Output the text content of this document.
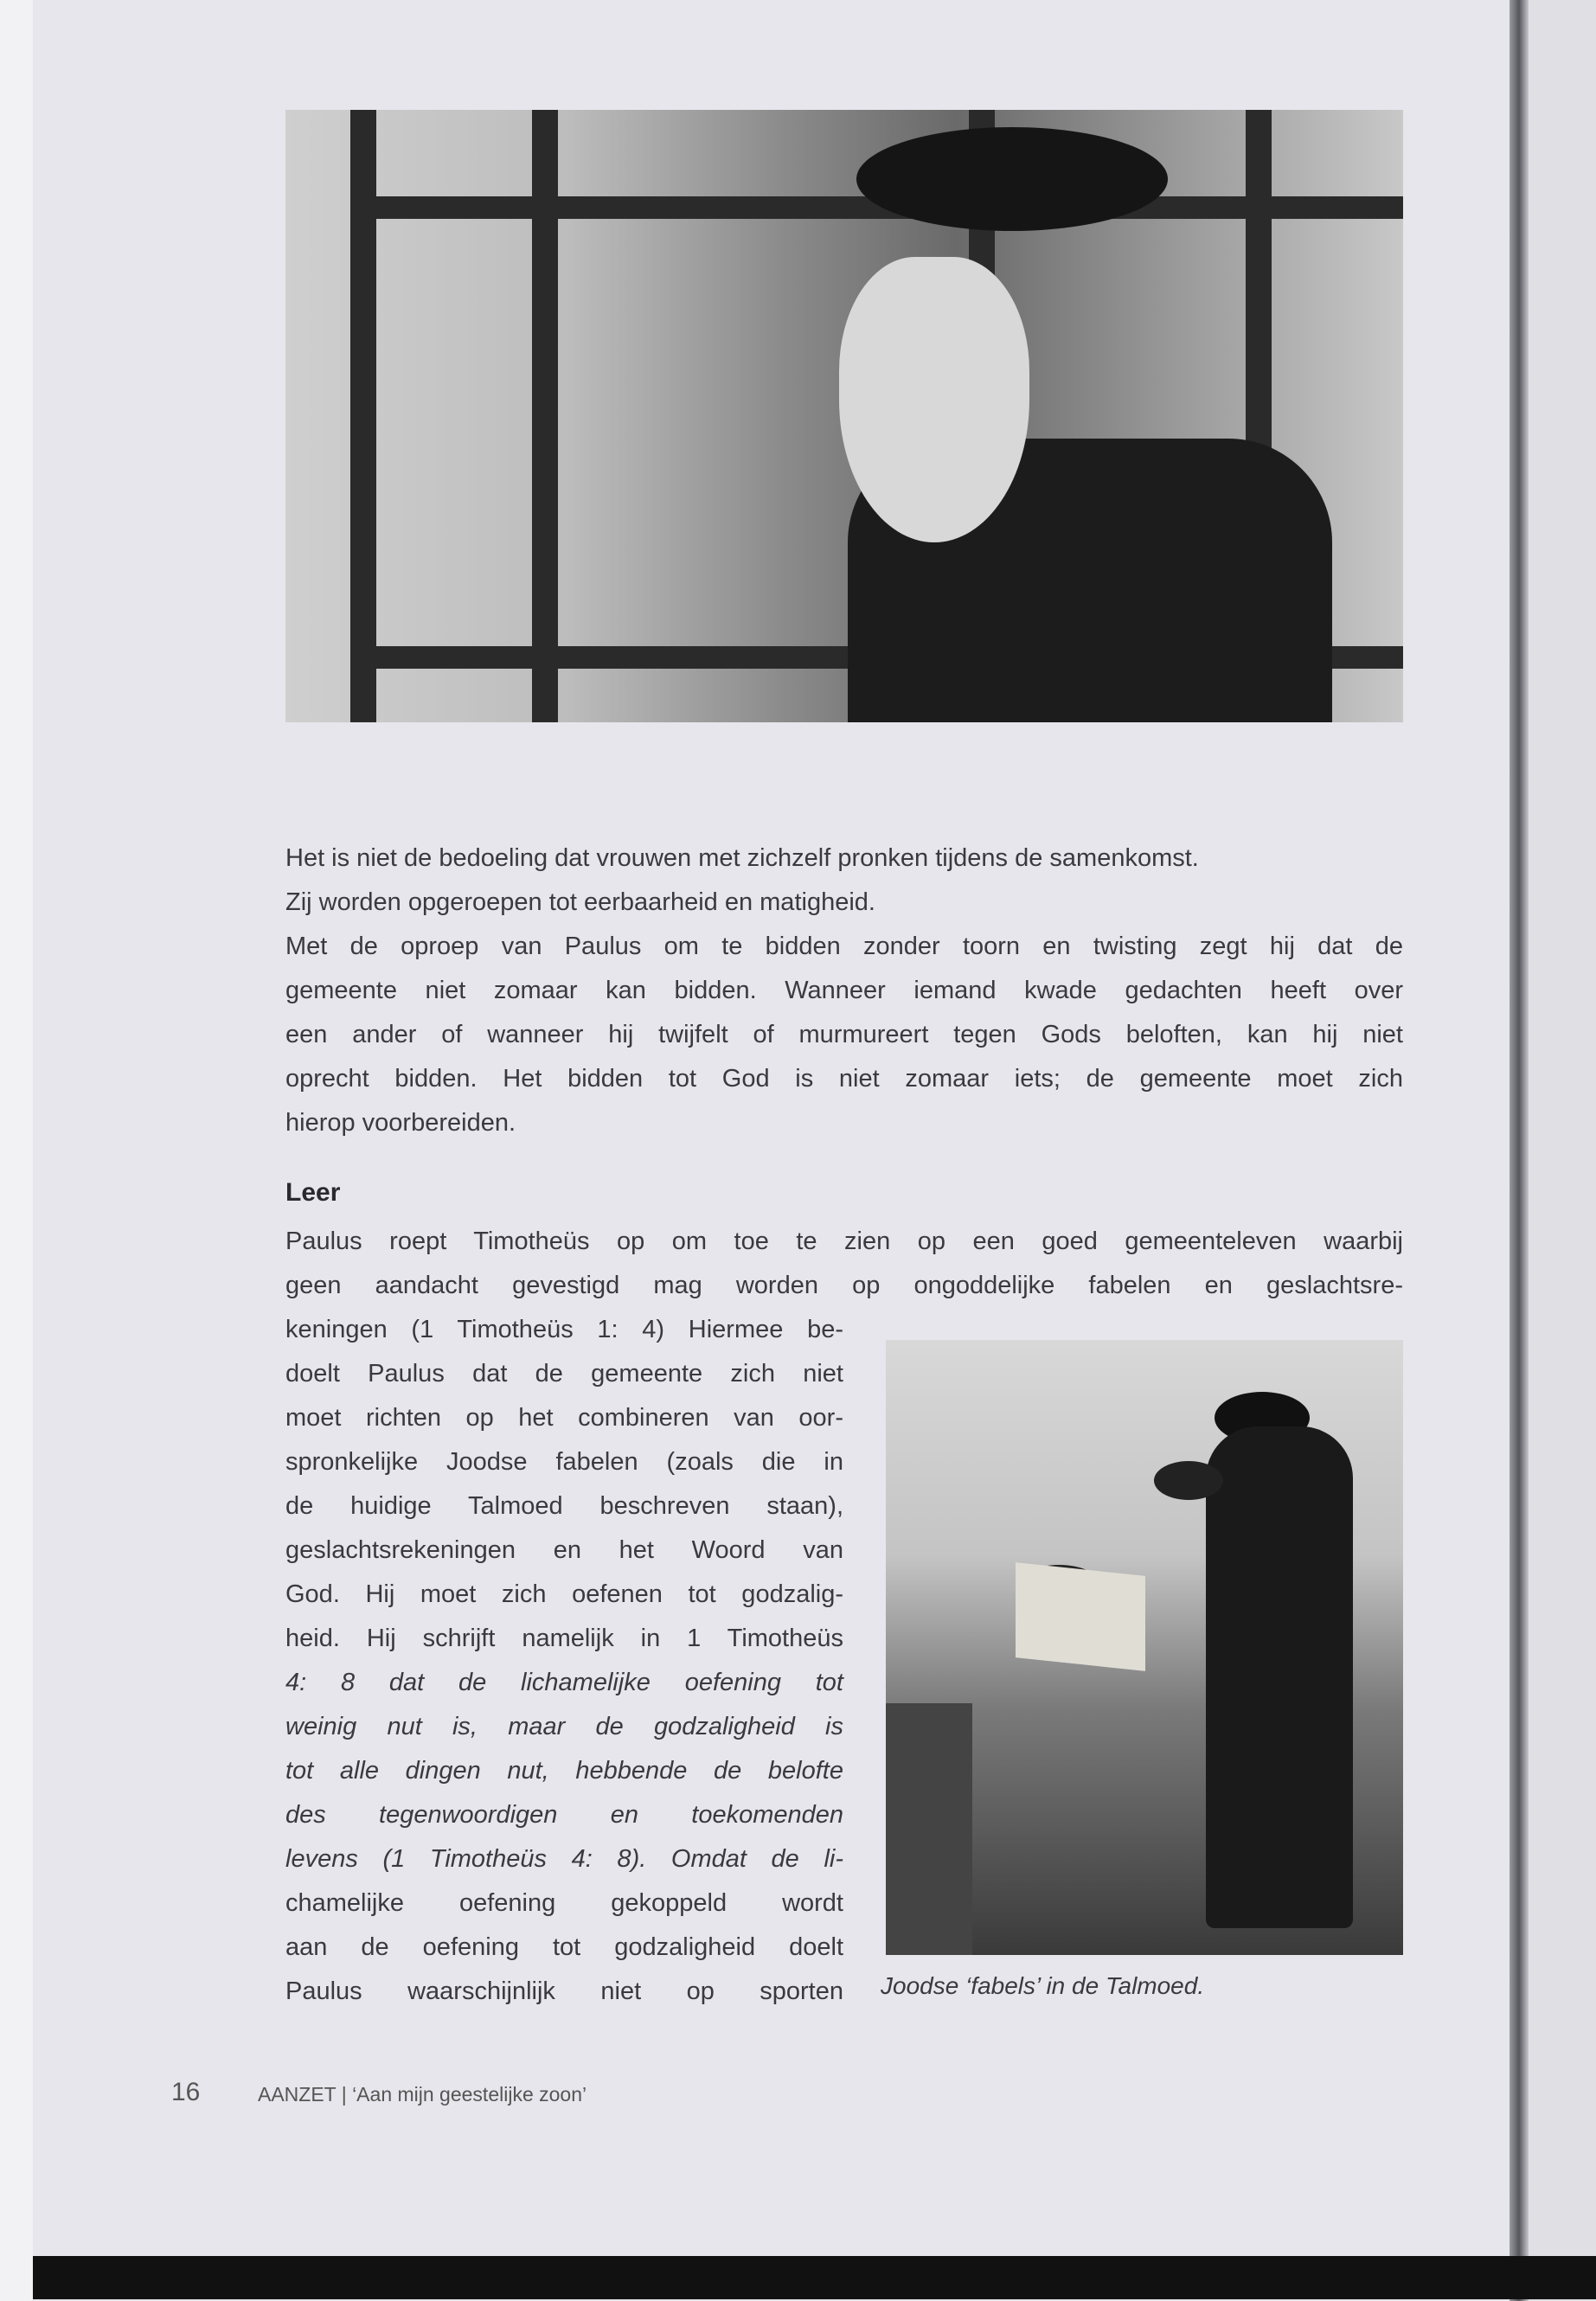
Het is niet de bedoeling dat vrouwen met zichzelf pronken tijdens de samenkomst.
Zij worden opgeroepen tot eerbaarheid en matigheid.
Met de oproep van Paulus om te bidden zonder toorn en twisting zegt hij dat de
gemeente niet zomaar kan bidden. Wanneer iemand kwade gedachten heeft over
een ander of wanneer hij twijfelt of murmureert tegen Gods beloften, kan hij niet
oprecht bidden. Het bidden tot God is niet zomaar iets; de gemeente moet zich
hierop voorbereiden.
Leer
Paulus roept Timotheüs op om toe te zien op een goed gemeenteleven waarbij
geen aandacht gevestigd mag worden op ongoddelijke fabelen en geslachtsre-
keningen (1 Timotheüs 1: 4) Hiermee be-
doelt Paulus dat de gemeente zich niet
moet richten op het combineren van oor-
spronkelijke Joodse fabelen (zoals die in
de huidige Talmoed beschreven staan),
geslachtsrekeningen en het Woord van
God. Hij moet zich oefenen tot godzalig-
heid. Hij schrijft namelijk in 1 Timotheüs
4: 8 dat de lichamelijke oefening tot
weinig nut is, maar de godzaligheid is
tot alle dingen nut, hebbende de belofte
des tegenwoordigen en toekomenden
levens (1 Timotheüs 4: 8). Omdat de li-
chamelijke oefening gekoppeld wordt
aan de oefening tot godzaligheid doelt
Paulus waarschijnlijk niet op sporten Joodse ‘fabels’ in de Talmoed.
16	AANZET | ‘Aan mijn geestelijke zoon’
